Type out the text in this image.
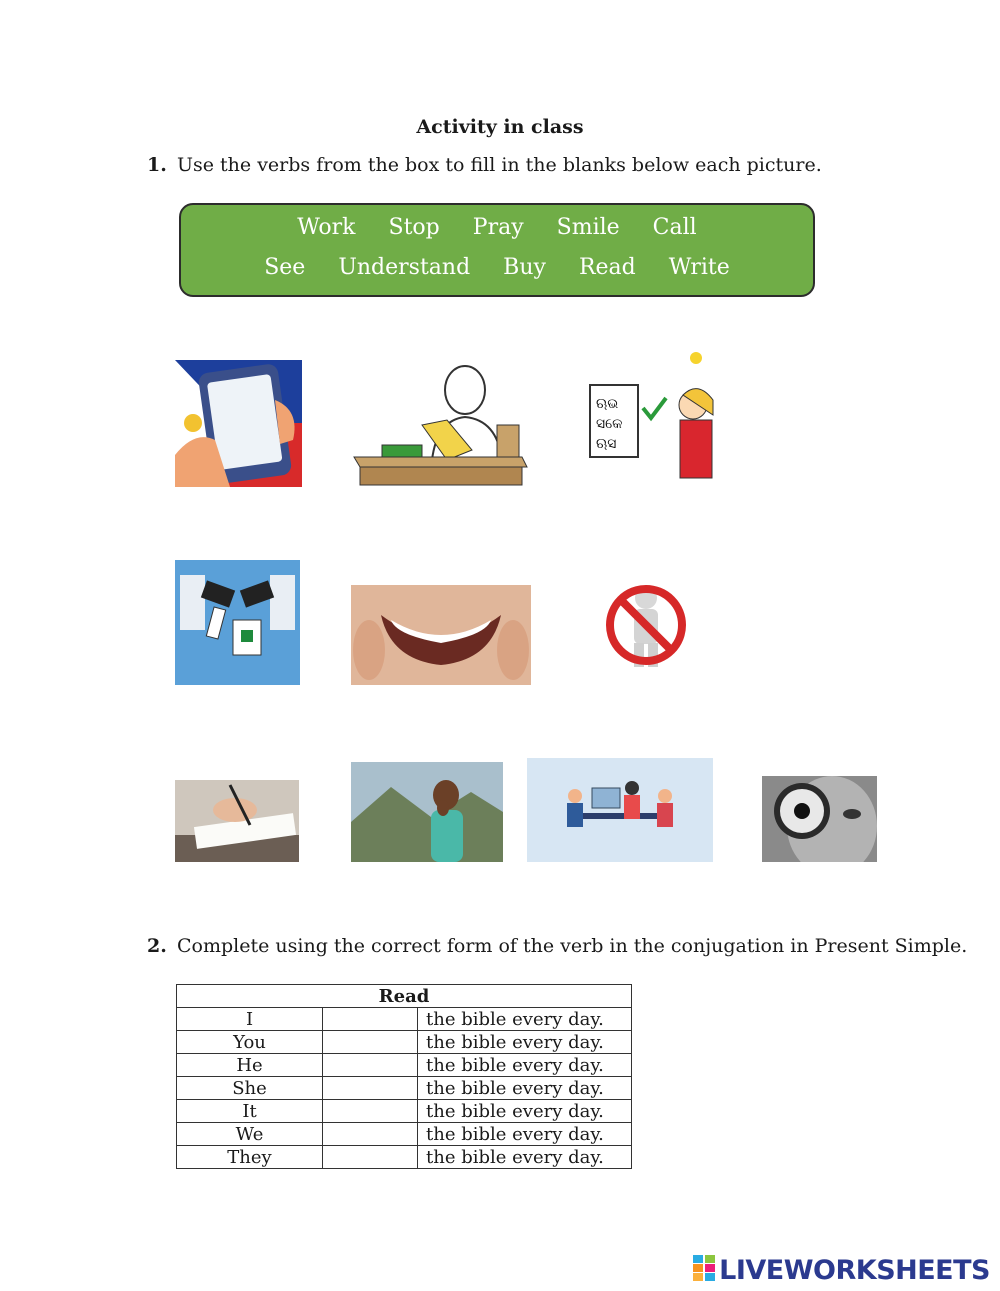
Activity in class
1. Use the verbs from the box to fill in the blanks below each picture.
Work Stop Pray Smile Call
See Understand Buy Read Write
ଋଭ
ସକେ
ଋସ
2. Complete using the correct form of the verb in the conjugation in Present Simple.
Read		
I		the bible every day.
You		the bible every day.
He		the bible every day.
She		the bible every day.
It		the bible every day.
We		the bible every day.
They		the bible every day.
LIVEWORKSHEETS
